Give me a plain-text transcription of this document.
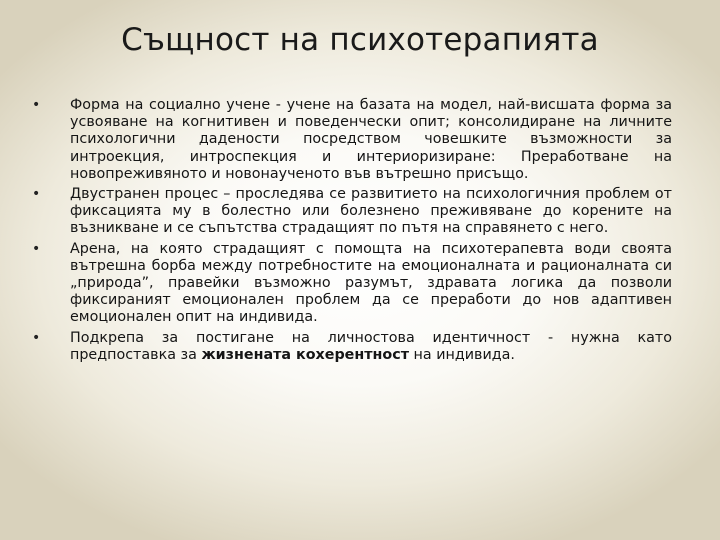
Същност на психотерапията
• Форма на социално учене - учене на базата на модел, най-висшата форма за усвояване на когнитивен и поведенчески опит; консолидиране на личните психологични дадености посредством човешките възможности за интроекция, интроспекция и интериоризиране: Преработване на новопреживяното и новонаученото във вътрешно присъщо.
• Двустранен процес – проследява се развитието на психологичния проблем от фиксацията му в болестно или болезнено преживяване до корените на възникване и се съпътства страдащият по пътя на справянето с него.
• Арена, на която страдащият с помощта на психотерапевта води своята вътрешна борба между потребностите на емоционалната и рационалната си „природа”, правейки възможно разумът, здравата логика да позволи фиксираният емоционален проблем да се преработи до нов адаптивен емоционален опит на индивида.
• Подкрепа за постигане на личностова идентичност - нужна като предпоставка за жизнената кохерентност на индивида.
